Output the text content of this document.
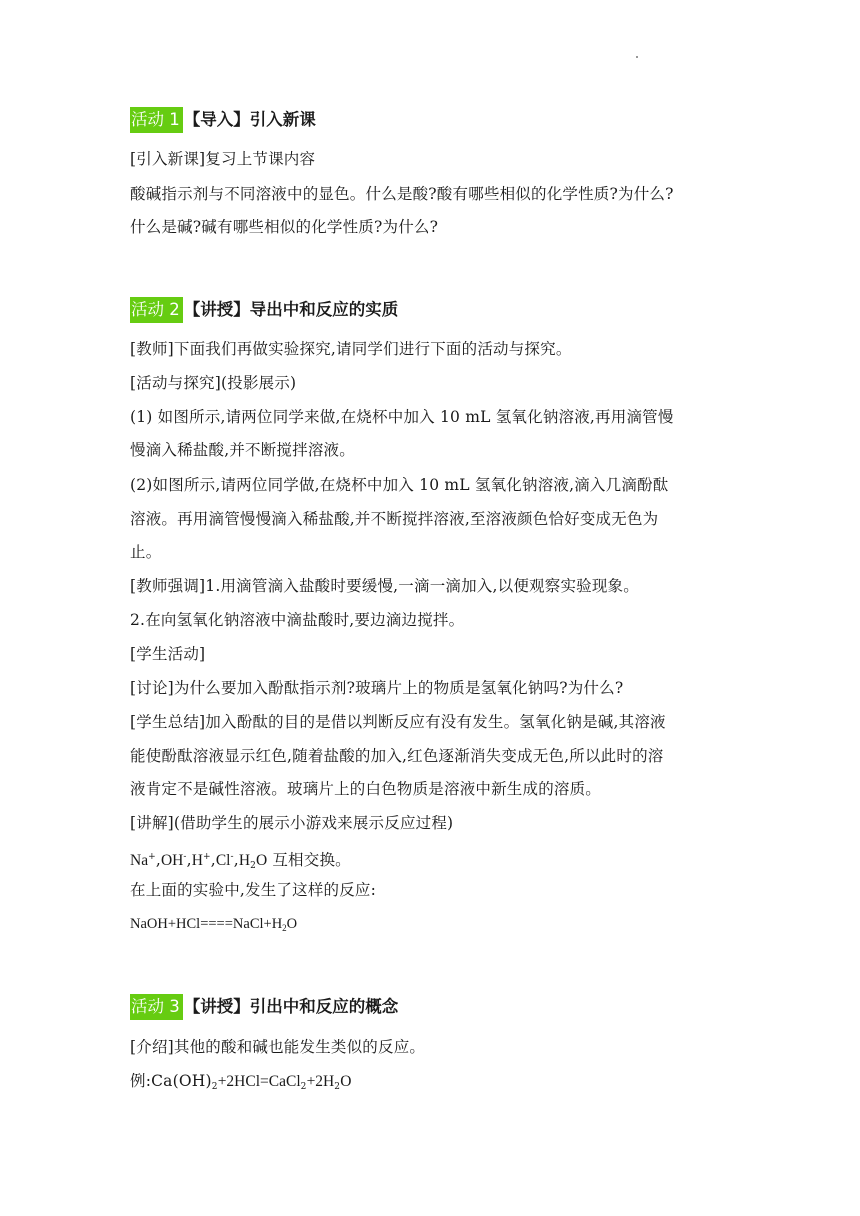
活动 1 【导入】引入新课
[引入新课]复习上节课内容
酸碱指示剂与不同溶液中的显色。什么是酸?酸有哪些相似的化学性质?为什么?
什么是碱?碱有哪些相似的化学性质?为什么?
活动 2 【讲授】导出中和反应的实质
[教师]下面我们再做实验探究,请同学们进行下面的活动与探究。
[活动与探究](投影展示)
(1) 如图所示,请两位同学来做,在烧杯中加入 10 mL 氢氧化钠溶液,再用滴管慢
慢滴入稀盐酸,并不断搅拌溶液。
(2)如图所示,请两位同学做,在烧杯中加入 10 mL 氢氧化钠溶液,滴入几滴酚酞
溶液。再用滴管慢慢滴入稀盐酸,并不断搅拌溶液,至溶液颜色恰好变成无色为
止。
[教师强调]1.用滴管滴入盐酸时要缓慢,一滴一滴加入,以便观察实验现象。
2.在向氢氧化钠溶液中滴盐酸时,要边滴边搅拌。
[学生活动]
[讨论]为什么要加入酚酞指示剂?玻璃片上的物质是氢氧化钠吗?为什么?
[学生总结]加入酚酞的目的是借以判断反应有没有发生。氢氧化钠是碱,其溶液
能使酚酞溶液显示红色,随着盐酸的加入,红色逐渐消失变成无色,所以此时的溶
液肯定不是碱性溶液。玻璃片上的白色物质是溶液中新生成的溶质。
[讲解](借助学生的展示小游戏来展示反应过程)
$Na^+,OH^-,H^+,Cl^-,H_2O$ 互相交换。
在上面的实验中,发生了这样的反应:
$NaOH+HCl====NaCl+H_2O$
活动 3 【讲授】引出中和反应的概念
[介绍]其他的酸和碱也能发生类似的反应。
例$:Ca(OH)_2+2HCl=CaCl_2+2H_2O$
